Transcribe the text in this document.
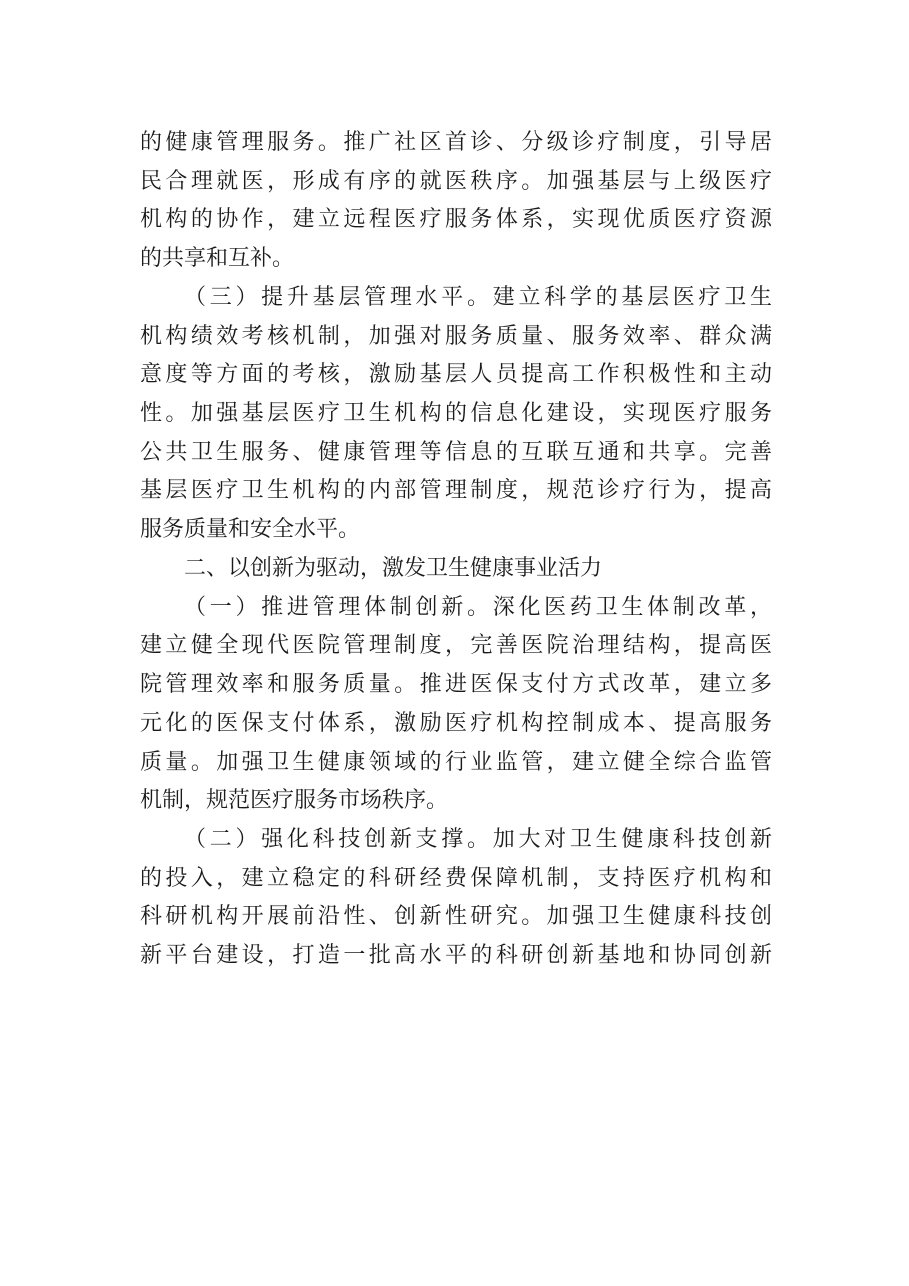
的健康管理服务。推广社区首诊、分级诊疗制度，引导居
民合理就医，形成有序的就医秩序。加强基层与上级医疗
机构的协作，建立远程医疗服务体系，实现优质医疗资源
的共享和互补。
（三）提升基层管理水平。建立科学的基层医疗卫生
机构绩效考核机制，加强对服务质量、服务效率、群众满
意度等方面的考核，激励基层人员提高工作积极性和主动
性。加强基层医疗卫生机构的信息化建设，实现医疗服务
公共卫生服务、健康管理等信息的互联互通和共享。完善
基层医疗卫生机构的内部管理制度，规范诊疗行为，提高
服务质量和安全水平。
二、以创新为驱动，激发卫生健康事业活力
（一）推进管理体制创新。深化医药卫生体制改革，
建立健全现代医院管理制度，完善医院治理结构，提高医
院管理效率和服务质量。推进医保支付方式改革，建立多
元化的医保支付体系，激励医疗机构控制成本、提高服务
质量。加强卫生健康领域的行业监管，建立健全综合监管
机制，规范医疗服务市场秩序。
（二）强化科技创新支撑。加大对卫生健康科技创新
的投入，建立稳定的科研经费保障机制，支持医疗机构和
科研机构开展前沿性、创新性研究。加强卫生健康科技创
新平台建设，打造一批高水平的科研创新基地和协同创新
